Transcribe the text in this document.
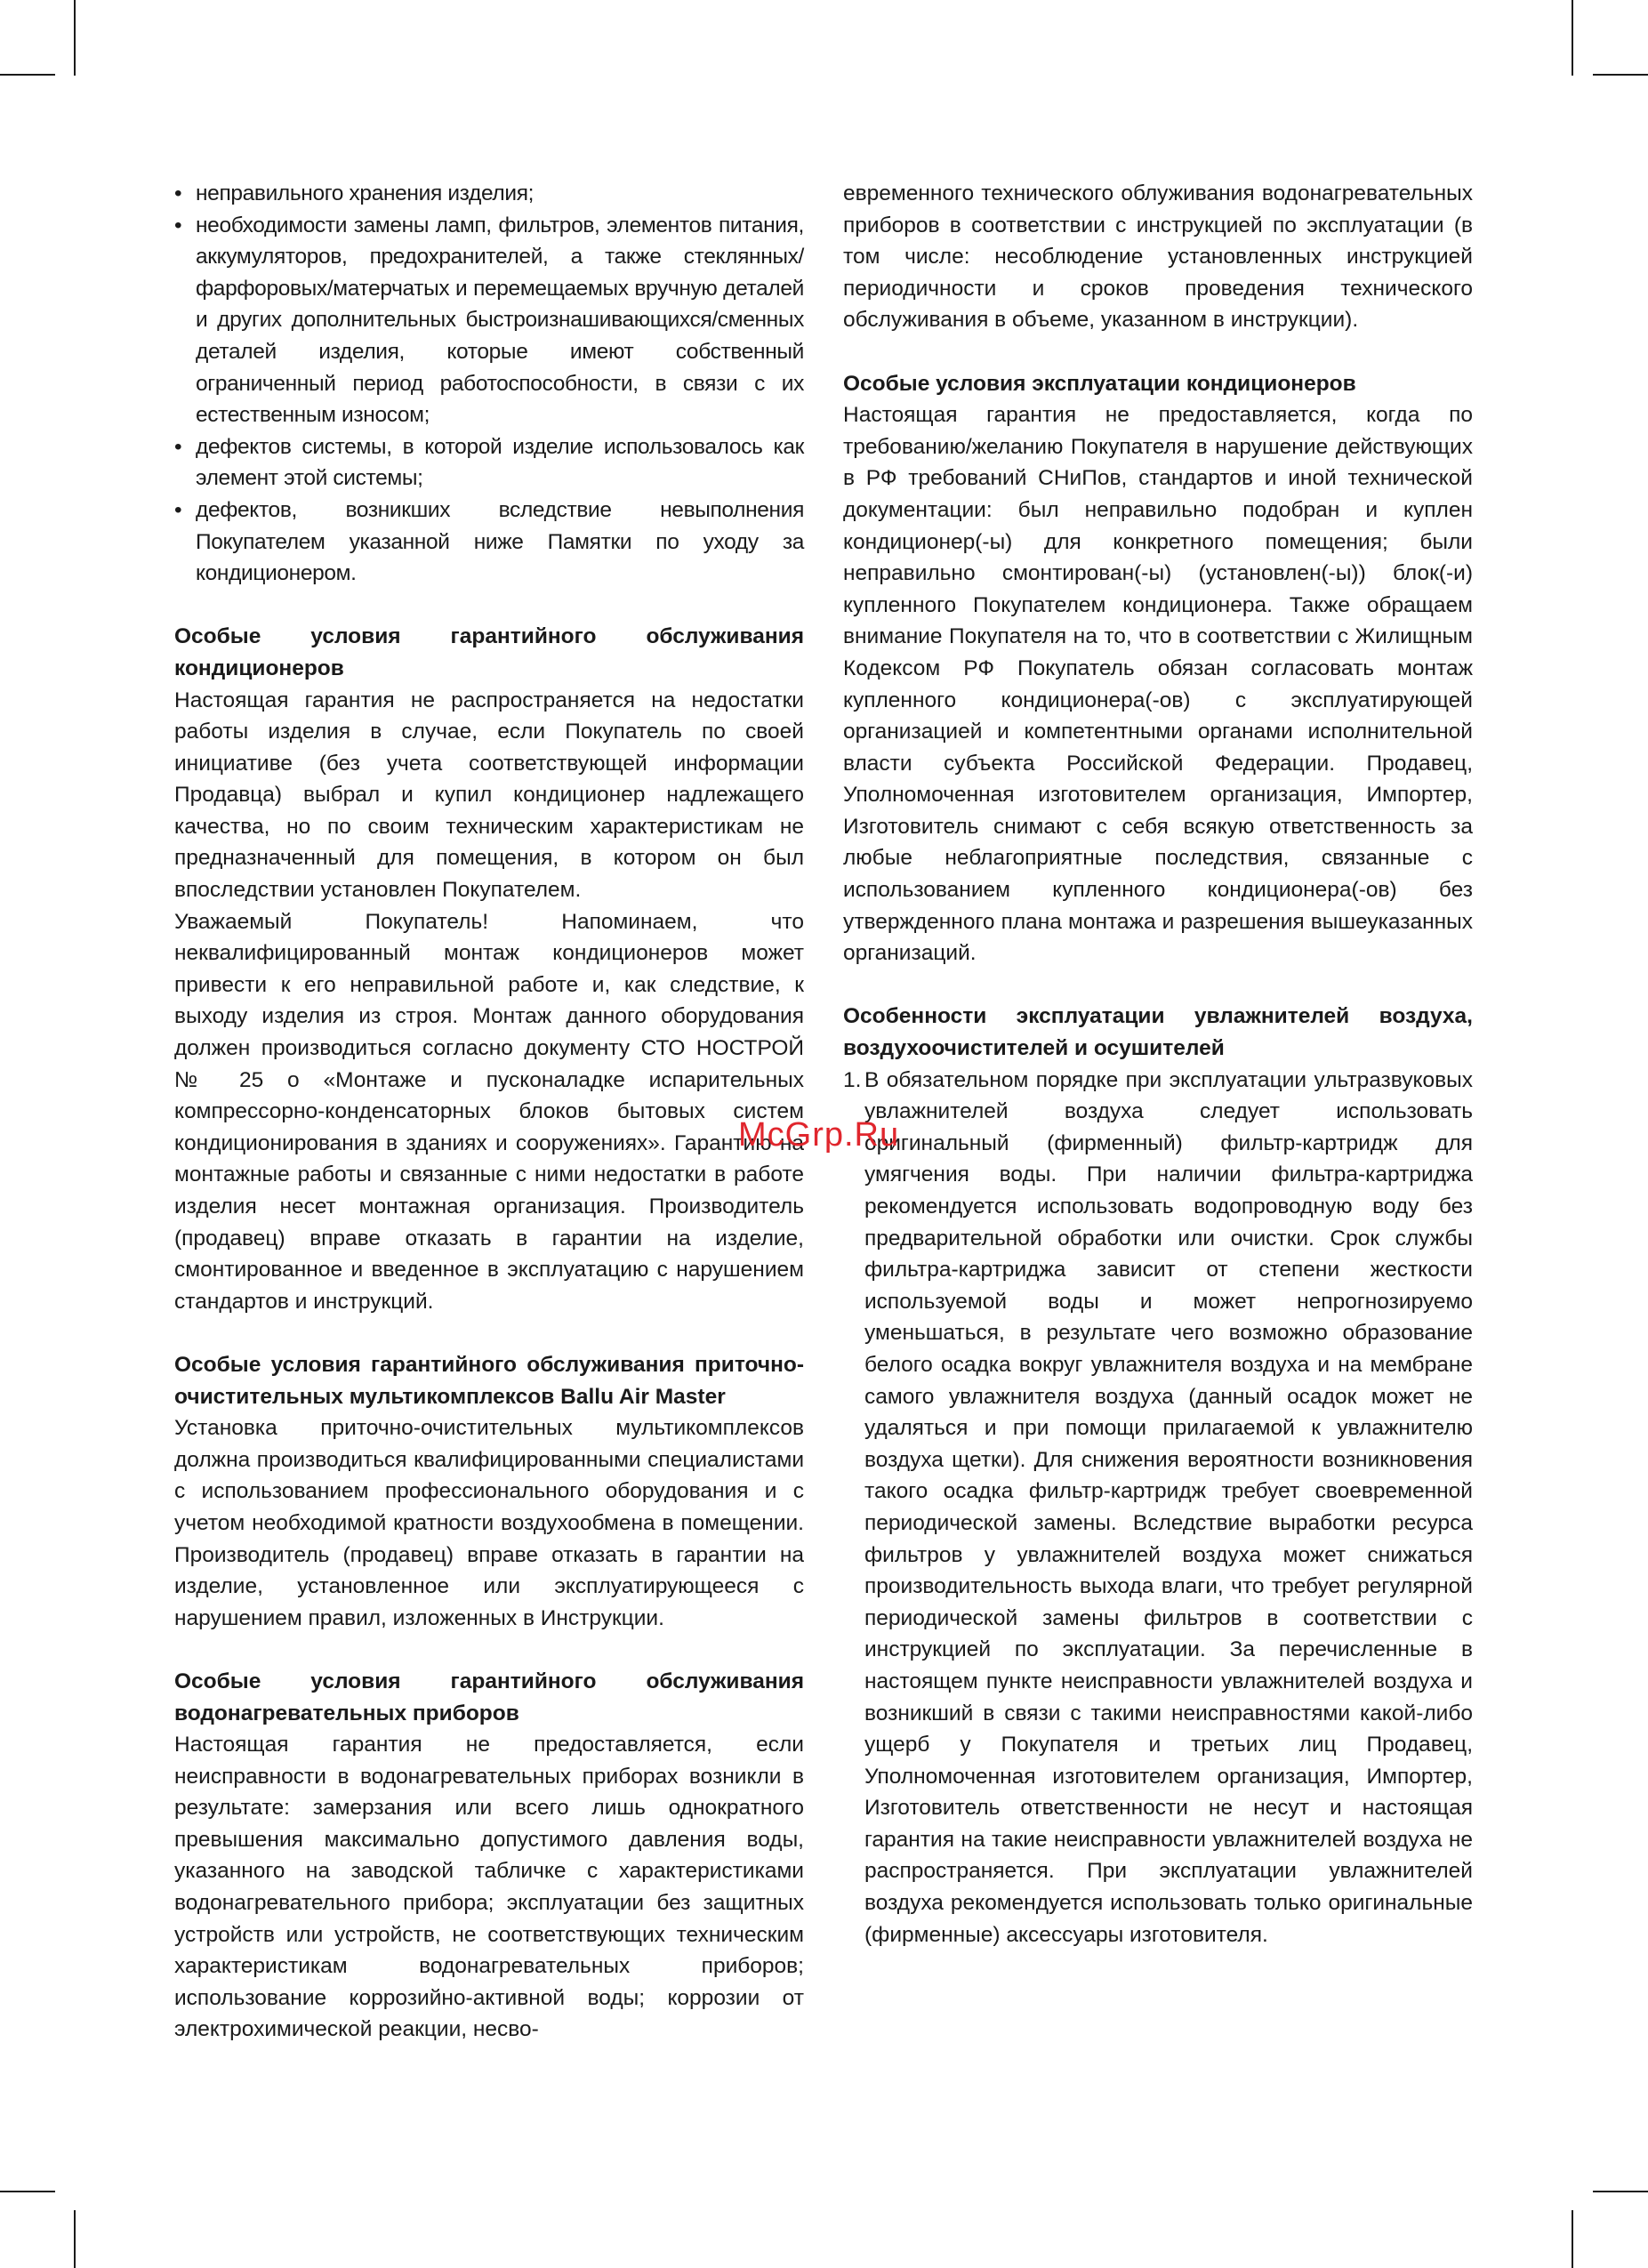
• неправильного хранения изделия;
• необходимости замены ламп, фильтров, элементов питания, аккумуляторов, предохранителей, а также стеклянных/фарфоровых/матерчатых и перемещаемых вручную деталей и других дополнительных быстроизнашивающихся/сменных деталей изделия, которые имеют собственный ограниченный период работоспособности, в связи с их естественным износом;
• дефектов системы, в которой изделие использовалось как элемент этой системы;
• дефектов, возникших вследствие невыполнения Покупателем указанной ниже Памятки по уходу за кондиционером.

Особые условия гарантийного обслуживания кондиционеров

Настоящая гарантия не распространяется на недостатки работы изделия в случае, если Покупатель по своей инициативе (без учета соответствующей информации Продавца) выбрал и купил кондиционер надлежащего качества, но по своим техническим характеристикам не предназначенный для помещения, в котором он был впоследствии установлен Покупателем.

Уважаемый Покупатель! Напоминаем, что неквалифицированный монтаж кондиционеров может привести к его неправильной работе и, как следствие, к выходу изделия из строя. Монтаж данного оборудования должен производиться согласно документу СТО НОСТРОЙ № 25 о «Монтаже и пусконаладке испарительных компрессорно-конденсаторных блоков бытовых систем кондиционирования в зданиях и сооружениях». Гарантию на монтажные работы и связанные с ними недостатки в работе изделия несет монтажная организация. Производитель (продавец) вправе отказать в гарантии на изделие, смонтированное и введенное в эксплуатацию с нарушением стандартов и инструкций.

Особые условия гарантийного обслуживания приточно-очистительных мультикомплексов Ballu Air Master

Установка приточно-очистительных мультикомплексов должна производиться квалифицированными специалистами с использованием профессионального оборудования и с учетом необходимой кратности воздухообмена в помещении. Производитель (продавец) вправе отказать в гарантии на изделие, установленное или эксплуатирующееся с нарушением правил, изложенных в Инструкции.

Особые условия гарантийного обслуживания водонагревательных приборов

Настоящая гарантия не предоставляется, если неисправности в водонагревательных приборах возникли в результате: замерзания или всего лишь однократного превышения максимально допустимого давления воды, указанного на заводской табличке с характеристиками водонагревательного прибора; эксплуатации без защитных устройств или устройств, не соответствующих техническим характеристикам водонагревательных приборов; использование коррозийно-активной воды; коррозии от электрохимической реакции, несво-

евременного технического облуживания водонагревательных приборов в соответствии с инструкцией по эксплуатации (в том числе: несоблюдение установленных инструкцией периодичности и сроков проведения технического обслуживания в объеме, указанном в инструкции).

Особые условия эксплуатации кондиционеров

Настоящая гарантия не предоставляется, когда по требованию/желанию Покупателя в нарушение действующих в РФ требований СНиПов, стандартов и иной технической документации: был неправильно подобран и куплен кондиционер(-ы) для конкретного помещения; были неправильно смонтирован(-ы) (установлен(-ы)) блок(-и) купленного Покупателем кондиционера. Также обращаем внимание Покупателя на то, что в соответствии с Жилищным Кодексом РФ Покупатель обязан согласовать монтаж купленного кондиционера(-ов) с эксплуатирующей организацией и компетентными органами исполнительной власти субъекта Российской Федерации. Продавец, Уполномоченная изготовителем организация, Импортер, Изготовитель снимают с себя всякую ответственность за любые неблагоприятные последствия, связанные с использованием купленного кондиционера(-ов) без утвержденного плана монтажа и разрешения вышеуказанных организаций.

Особенности эксплуатации увлажнителей воздуха, воздухоочистителей и осушителей

1. В обязательном порядке при эксплуатации ультразвуковых увлажнителей воздуха следует использовать оригинальный (фирменный) фильтр-картридж для умягчения воды. При наличии фильтра-картриджа рекомендуется использовать водопроводную воду без предварительной обработки или очистки. Срок службы фильтра-картриджа зависит от степени жесткости используемой воды и может непрогнозируемо уменьшаться, в результате чего возможно образование белого осадка вокруг увлажнителя воздуха и на мембране самого увлажнителя воздуха (данный осадок может не удаляться и при помощи прилагаемой к увлажнителю воздуха щетки). Для снижения вероятности возникновения такого осадка фильтр-картридж требует своевременной периодической замены. Вследствие выработки ресурса фильтров у увлажнителей воздуха может снижаться производительность выхода влаги, что требует регулярной периодической замены фильтров в соответствии с инструкцией по эксплуатации. За перечисленные в настоящем пункте неисправности увлажнителей воздуха и возникший в связи с такими неисправностями какой-либо ущерб у Покупателя и третьих лиц Продавец, Уполномоченная изготовителем организация, Импортер, Изготовитель ответственности не несут и настоящая гарантия на такие неисправности увлажнителей воздуха не распространяется. При эксплуатации увлажнителей воздуха рекомендуется использовать только оригинальные (фирменные) аксессуары изготовителя.
McGrp.Ru
